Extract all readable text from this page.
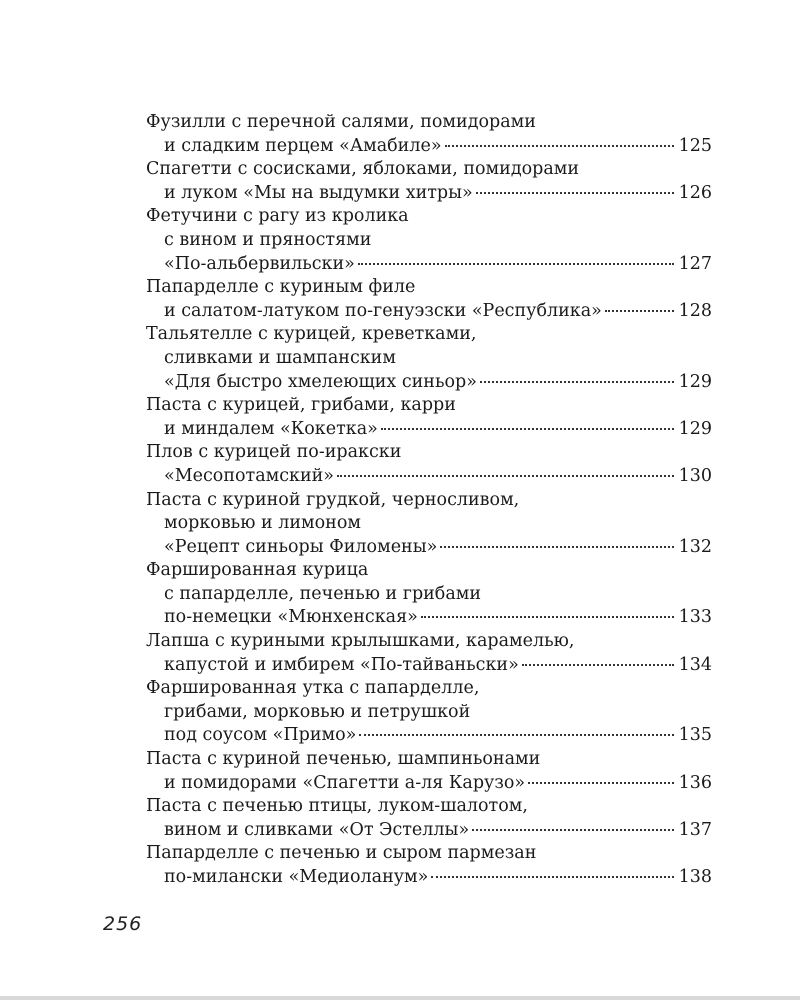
Фузилли с перечной салями, помидорами
и сладким перцем «Амабиле»	125
Спагетти с сосисками, яблоками, помидорами
и луком «Мы на выдумки хитры»	126
Фетучини с рагу из кролика
с вином и пряностями
«По-альбервильски»	127
Папарделле с куриным филе
и салатом-латуком по-генуэзски «Республика»	128
Тальятелле с курицей, креветками,
сливками и шампанским
«Для быстро хмелеющих синьор»	129
Паста с курицей, грибами, карри
и миндалем «Кокетка»	129
Плов с курицей по-иракски
«Месопотамский»	130
Паста с куриной грудкой, черносливом,
морковью и лимоном
«Рецепт синьоры Филомены»	132
Фаршированная курица
с папарделле, печенью и грибами
по-немецки «Мюнхенская»	133
Лапша с куриными крылышками, карамелью,
капустой и имбирем «По-тайваньски»	134
Фаршированная утка с папарделле,
грибами, морковью и петрушкой
под соусом «Примо»	135
Паста с куриной печенью, шампиньонами
и помидорами «Спагетти а-ля Карузо»	136
Паста с печенью птицы, луком-шалотом,
вином и сливками «От Эстеллы»	137
Папарделле с печенью и сыром пармезан
по-милански «Медиоланум»	138
256
